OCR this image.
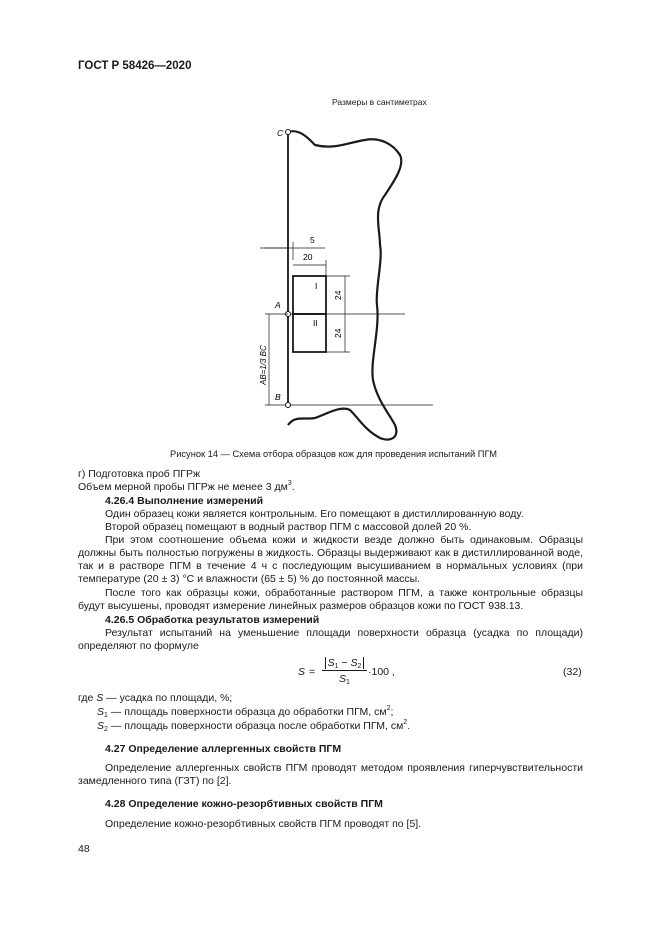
ГОСТ Р 58426—2020
Размеры в сантиметрах
C
A
B
5
20
I
II
24
24
AB=1/3 BC
Рисунок 14 — Схема отбора образцов кож для проведения испытаний ПГМ
г) Подготовка проб ПГРж
Объем мерной пробы ПГРж не менее 3 $дм^3$.
4.26.4 Выполнение измерений
Один образец кожи является контрольным. Его помещают в дистиллированную воду.
Второй образец помещают в водный раствор ПГМ с массовой долей 20 %.
При этом соотношение объема кожи и жидкости везде должно быть одинаковым. Образцы должны быть полностью погружены в жидкость. Образцы выдерживают как в дистиллированной воде, так и в растворе ПГМ в течение 4 ч с последующим высушиванием в нормальных условиях (при температуре (20 ± 3) °С и влажности (65 ± 5) % до постоянной массы.
После того как образцы кожи, обработанные раствором ПГМ, а также контрольные образцы будут высушены, проводят измерение линейных размеров образцов кожи по ГОСТ 938.13.
4.26.5 Обработка результатов измерений
Результат испытаний на уменьшение площади поверхности образца (усадка по площади) определяют по формуле
S =
$S_1 - S_2$
$S_1$
·100 ,	(32)
где S — усадка по площади, %;
$S_1$ — площадь поверхности образца до обработки ПГМ, $см^2$;
$S_2$ — площадь поверхности образца после обработки ПГМ, $см^2$.
4.27 Определение аллергенных свойств ПГМ
Определение аллергенных свойств ПГМ проводят методом проявления гиперчувствительности замедленного типа (ГЗТ) по [2].
4.28 Определение кожно-резорбтивных свойств ПГМ
Определение кожно-резорбтивных свойств ПГМ проводят по [5].
48
